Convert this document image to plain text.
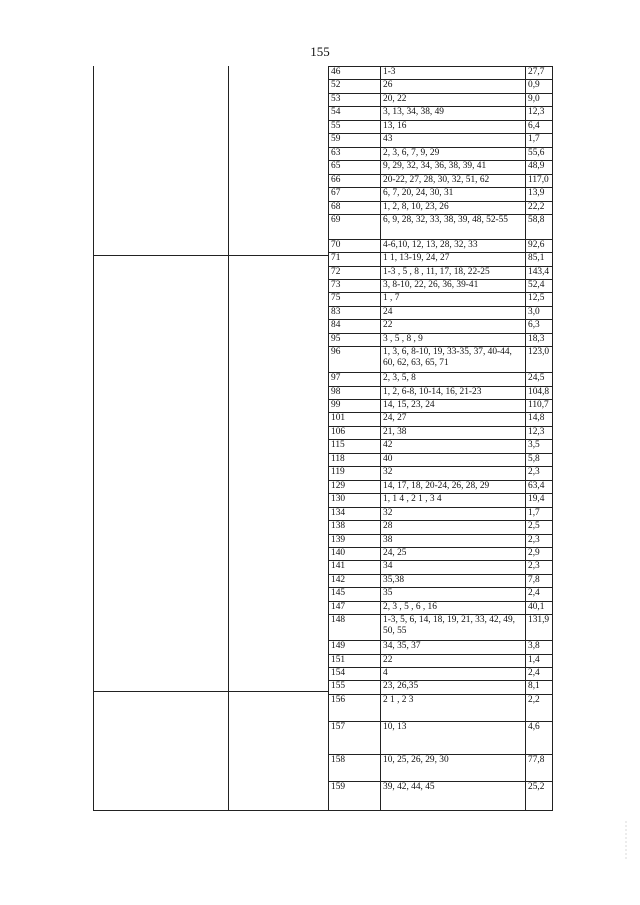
155
46	1-3	27,7
52	26	0,9
53	20, 22	9,0
54	3, 13, 34, 38, 49	12,3
55	13, 16	6,4
59	43	1,7
63	2, 3, 6, 7, 9, 29	55,6
65	9, 29, 32, 34, 36, 38, 39, 41	48,9
66	20-22, 27, 28, 30, 32, 51, 62	117,0
67	6, 7, 20, 24, 30, 31	13,9
68	1, 2, 8, 10, 23, 26	22,2
69	6, 9, 28, 32, 33, 38, 39, 48, 52-55	58,8
70	4-6,10, 12, 13, 28, 32, 33	92,6
71	1 1, 13-19, 24, 27	85,1
72	1-3 , 5 , 8 , 11, 17, 18, 22-25	143,4
73	3, 8-10, 22, 26, 36, 39-41	52,4
75	1 , 7	12,5
83	24	3,0
84	22	6,3
95	3 , 5 , 8 , 9	18,3
96	1, 3, 6, 8-10, 19, 33-35, 37, 40-44, 60, 62, 63, 65, 71	123,0
97	2, 3, 5, 8	24,5
98	1, 2, 6-8, 10-14, 16, 21-23	104,8
99	14, 15, 23, 24	110,7
101	24, 27	14,8
106	21, 38	12,3
115	42	3,5
118	40	5,8
119	32	2,3
129	14, 17, 18, 20-24, 26, 28, 29	63,4
130	1, 1 4 , 2 1 , 3 4	19,4
134	32	1,7
138	28	2,5
139	38	2,3
140	24, 25	2,9
141	34	2,3
142	35,38	7,8
145	35	2,4
147	2, 3 , 5 , 6 , 16	40,1
148	1-3, 5, 6, 14, 18, 19, 21, 33, 42, 49, 50, 55	131,9
149	34, 35, 37	3,8
151	22	1,4
154	4	2,4
155	23, 26,35	8,1
156	2 1 , 2 3	2,2
157	10, 13	4,6
158	10, 25, 26, 29, 30	77,8
159	39, 42, 44, 45	25,2
